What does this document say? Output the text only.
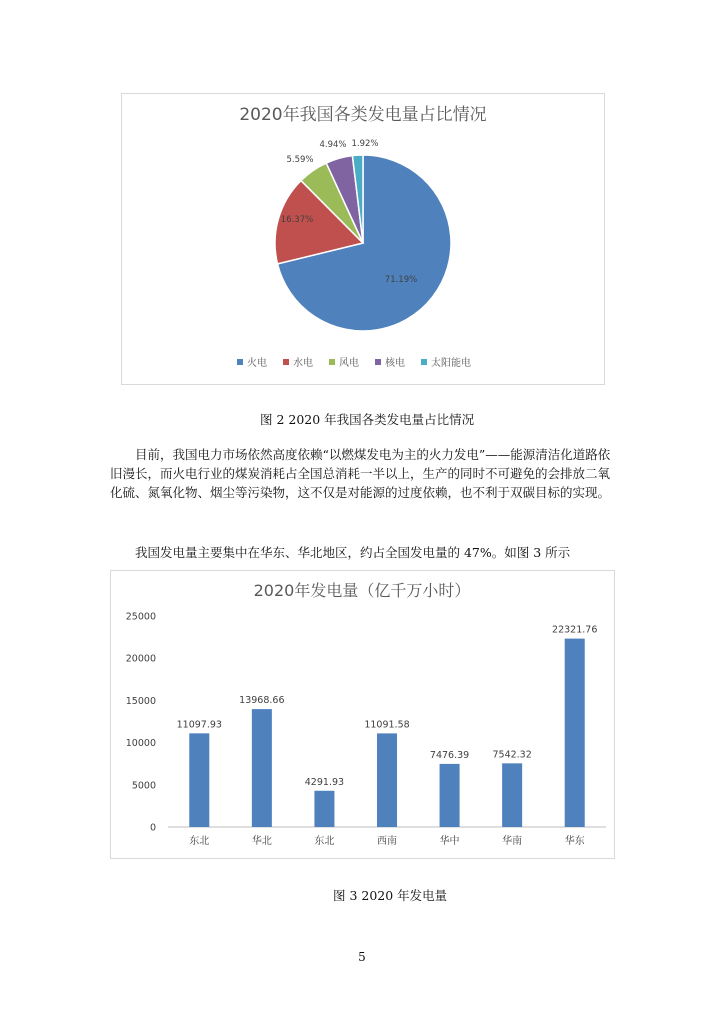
2020年我国各类发电量占比情况
71.19%
16.37%
5.59%
4.94% 1.92%
火电	水电	风电	核电	太阳能电
图 2 2020 年我国各类发电量占比情况

目前，我国电力市场依然高度依赖“以燃煤发电为主的火力发电”——能源清洁化道路依旧漫长，而火电行业的煤炭消耗占全国总消耗一半以上，生产的同时不可避免的会排放二氧化硫、氮氧化物、烟尘等污染物，这不仅是对能源的过度依赖，也不利于双碳目标的实现。

我国发电量主要集中在华东、华北地区，约占全国发电量的 47%。如图 3 所示

2020年发电量（亿千万小时）
0
5000
10000
15000
20000
25000
11097.93
13968.66
4291.93
11091.58
7476.39 7542.32
22321.76
东北	华北	东北	西南	华中	华南	华东
图 3 2020 年发电量
5
